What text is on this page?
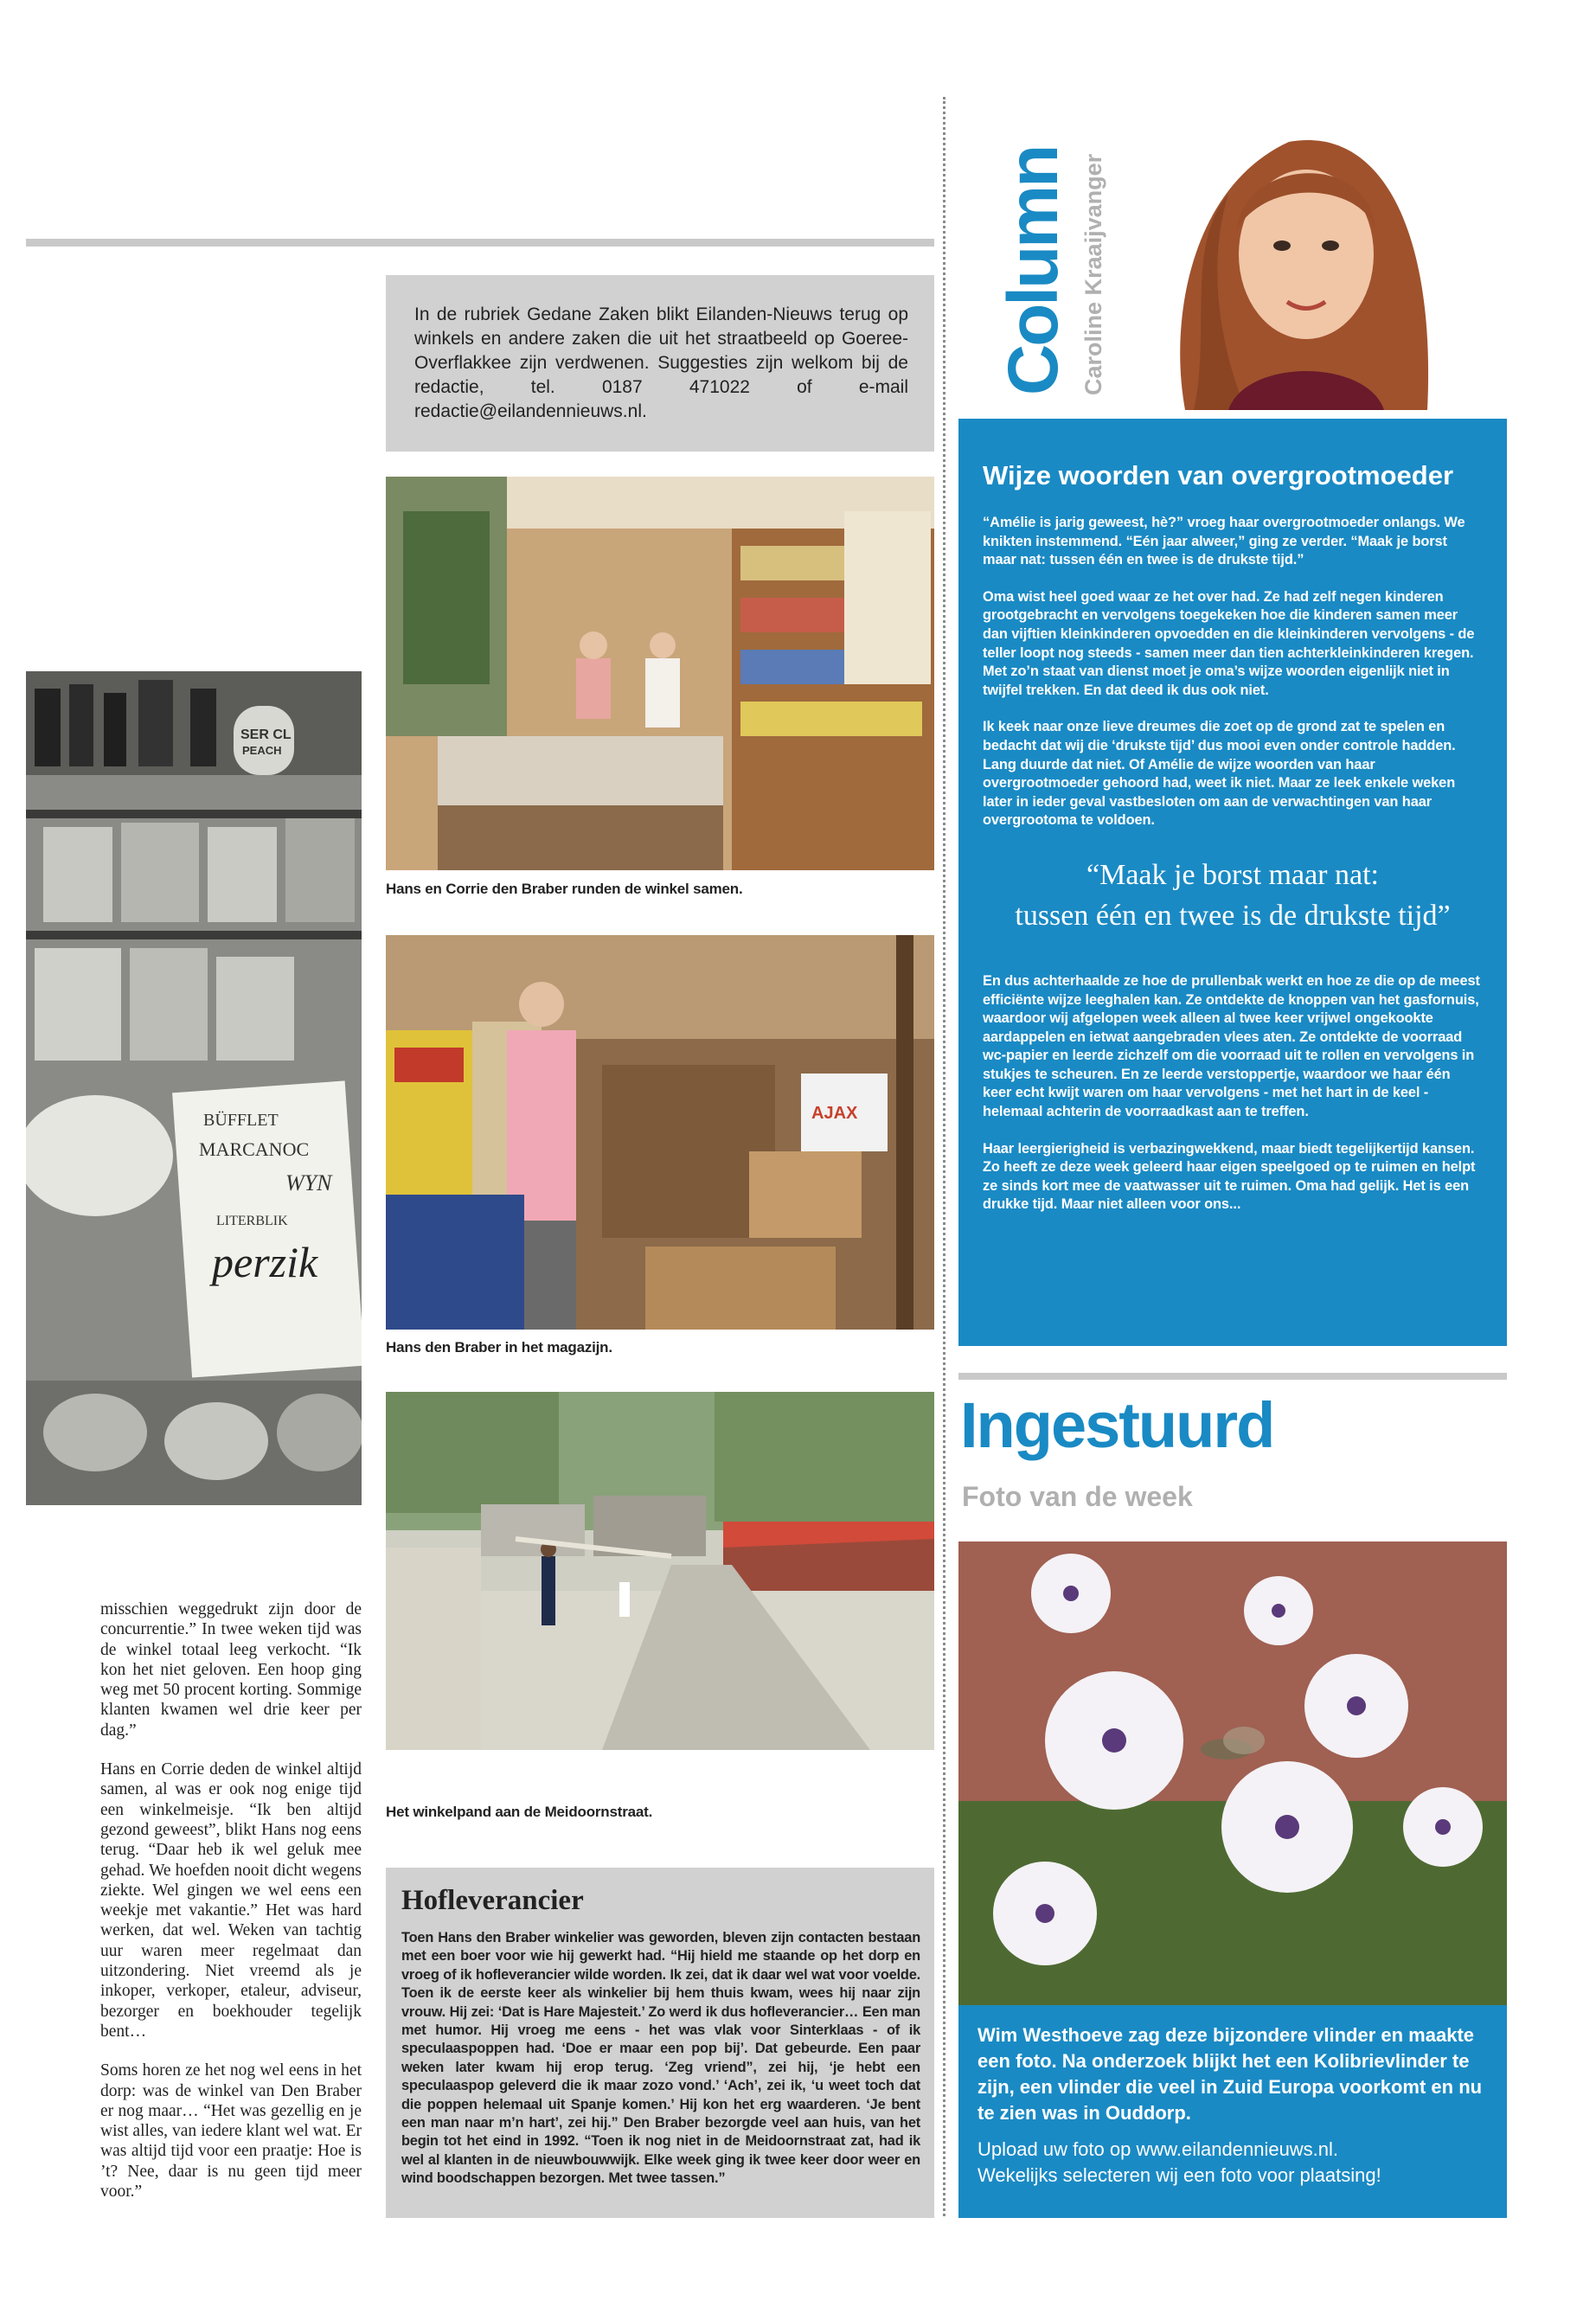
In de rubriek Gedane Zaken blikt Eilanden-Nieuws terug op winkels en andere zaken die uit het straatbeeld op Goeree-Overflakkee zijn verdwenen. Suggesties zijn welkom bij de redactie, tel. 0187 471022 of e-mail redactie@eilandennieuws.nl.

SER CL
PEACH
BÜFFLET
MARCANOC
WYN
LITERBLIK
perzik
Hans en Corrie den Braber runden de winkel samen.
AJAX
Hans den Braber in het magazijn.
Het winkelpand aan de Meidoornstraat.

misschien weggedrukt zijn door de concurrentie.” In twee weken tijd was de winkel totaal leeg verkocht. “Ik kon het niet geloven. Een hoop ging weg met 50 procent korting. Sommige klanten kwamen wel drie keer per dag.”

Hans en Corrie deden de winkel altijd samen, al was er ook nog enige tijd een winkelmeisje. “Ik ben altijd gezond geweest”, blikt Hans nog eens terug. “Daar heb ik wel geluk mee gehad. We hoefden nooit dicht wegens ziekte. Wel gingen we wel eens een weekje met vakantie.” Het was hard werken, dat wel. Weken van tachtig uur waren meer regelmaat dan uitzondering. Niet vreemd als je inkoper, verkoper, etaleur, adviseur, bezorger en boekhouder tegelijk bent…

Soms horen ze het nog wel eens in het dorp: was de winkel van Den Braber er nog maar… “Het was gezellig en je wist alles, van iedere klant wel wat. Er was altijd tijd voor een praatje: Hoe is ’t? Nee, daar is nu geen tijd meer voor.”

Hofleverancier
Toen Hans den Braber winkelier was geworden, bleven zijn contacten bestaan met een boer voor wie hij gewerkt had. “Hij hield me staande op het dorp en vroeg of ik hofleverancier wilde worden. Ik zei, dat ik daar wel wat voor voelde. Toen ik de eerste keer als winkelier bij hem thuis kwam, wees hij naar zijn vrouw. Hij zei: ‘Dat is Hare Majesteit.’ Zo werd ik dus hofleverancier… Een man met humor. Hij vroeg me eens - het was vlak voor Sinterklaas - of ik speculaaspoppen had. ‘Doe er maar een pop bij’. Dat gebeurde. Een paar weken later kwam hij erop terug. ‘Zeg vriend”, zei hij, ‘je hebt een speculaaspop geleverd die ik maar zozo vond.’ ‘Ach’, zei ik, ‘u weet toch dat die poppen helemaal uit Spanje komen.’ Hij kon het erg waarderen. ‘Je bent een man naar m’n hart’, zei hij.” Den Braber bezorgde veel aan huis, van het begin tot het eind in 1992. “Toen ik nog niet in de Meidoornstraat zat, had ik wel al klanten in de nieuwbouwwijk. Elke week ging ik twee keer door weer en wind boodschappen bezorgen. Met twee tassen.”
Column Caroline Kraaijvanger
Wijze woorden van overgrootmoeder

“Amélie is jarig geweest, hè?” vroeg haar overgrootmoeder onlangs. We knikten instemmend. “Eén jaar alweer,” ging ze verder. “Maak je borst maar nat: tussen één en twee is de drukste tijd.”

Oma wist heel goed waar ze het over had. Ze had zelf negen kinderen grootgebracht en vervolgens toegekeken hoe die kinderen samen meer dan vijftien kleinkinderen opvoedden en die kleinkinderen vervolgens - de teller loopt nog steeds - samen meer dan tien achterkleinkinderen kregen. Met zo’n staat van dienst moet je oma’s wijze woorden eigenlijk niet in twijfel trekken. En dat deed ik dus ook niet.

Ik keek naar onze lieve dreumes die zoet op de grond zat te spelen en bedacht dat wij die ‘drukste tijd’ dus mooi even onder controle hadden. Lang duurde dat niet. Of Amélie de wijze woorden van haar overgrootmoeder gehoord had, weet ik niet. Maar ze leek enkele weken later in ieder geval vastbesloten om aan de verwachtingen van haar overgrootoma te voldoen.

“Maak je borst maar nat:
tussen één en twee is de drukste tijd”

En dus achterhaalde ze hoe de prullenbak werkt en hoe ze die op de meest efficiënte wijze leeghalen kan. Ze ontdekte de knoppen van het gasfornuis, waardoor wij afgelopen week alleen al twee keer vrijwel ongekookte aardappelen en ietwat aangebraden vlees aten. Ze ontdekte de voorraad wc-papier en leerde zichzelf om die voorraad uit te rollen en vervolgens in stukjes te scheuren. En ze leerde verstoppertje, waardoor we haar één keer echt kwijt waren om haar vervolgens - met het hart in de keel - helemaal achterin de voorraadkast aan te treffen.

Haar leergierigheid is verbazingwekkend, maar biedt tegelijkertijd kansen. Zo heeft ze deze week geleerd haar eigen speelgoed op te ruimen en helpt ze sinds kort mee de vaatwasser uit te ruimen. Oma had gelijk. Het is een drukke tijd. Maar niet alleen voor ons...

Ingestuurd
Foto van de week
Wim Westhoeve zag deze bijzondere vlinder en maakte een foto. Na onderzoek blijkt het een Kolibrievlinder te zijn, een vlinder die veel in Zuid Europa voorkomt en nu te zien was in Ouddorp.
Upload uw foto op www.eilandennieuws.nl.
Wekelijks selecteren wij een foto voor plaatsing!
